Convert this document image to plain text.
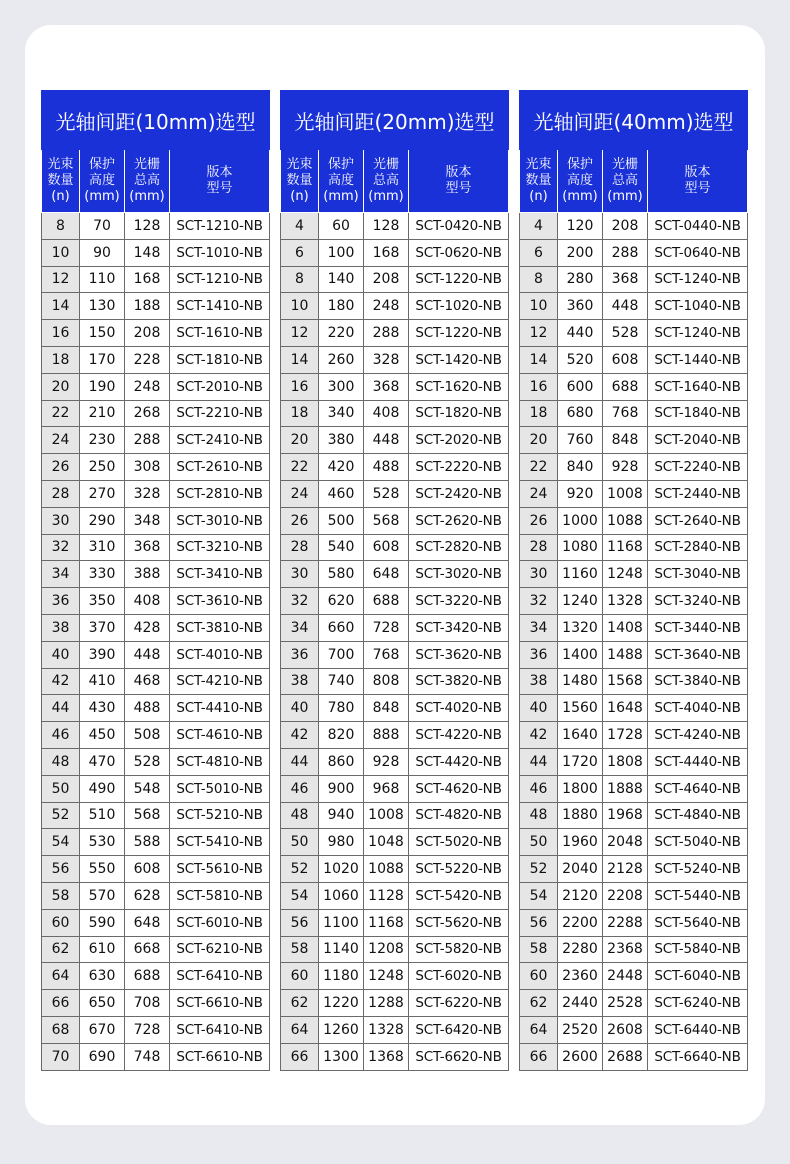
光轴间距(10mm)选型			
光束
数量
(n)	保护
高度
(mm)	光栅
总高
(mm)	版本
型号
8	70	128	SCT-1210-NB
10	90	148	SCT-1010-NB
12	110	168	SCT-1210-NB
14	130	188	SCT-1410-NB
16	150	208	SCT-1610-NB
18	170	228	SCT-1810-NB
20	190	248	SCT-2010-NB
22	210	268	SCT-2210-NB
24	230	288	SCT-2410-NB
26	250	308	SCT-2610-NB
28	270	328	SCT-2810-NB
30	290	348	SCT-3010-NB
32	310	368	SCT-3210-NB
34	330	388	SCT-3410-NB
36	350	408	SCT-3610-NB
38	370	428	SCT-3810-NB
40	390	448	SCT-4010-NB
42	410	468	SCT-4210-NB
44	430	488	SCT-4410-NB
46	450	508	SCT-4610-NB
48	470	528	SCT-4810-NB
50	490	548	SCT-5010-NB
52	510	568	SCT-5210-NB
54	530	588	SCT-5410-NB
56	550	608	SCT-5610-NB
58	570	628	SCT-5810-NB
60	590	648	SCT-6010-NB
62	610	668	SCT-6210-NB
64	630	688	SCT-6410-NB
66	650	708	SCT-6610-NB
68	670	728	SCT-6410-NB
70	690	748	SCT-6610-NB
光轴间距(20mm)选型			
光束
数量
(n)	保护
高度
(mm)	光栅
总高
(mm)	版本
型号
4	60	128	SCT-0420-NB
6	100	168	SCT-0620-NB
8	140	208	SCT-1220-NB
10	180	248	SCT-1020-NB
12	220	288	SCT-1220-NB
14	260	328	SCT-1420-NB
16	300	368	SCT-1620-NB
18	340	408	SCT-1820-NB
20	380	448	SCT-2020-NB
22	420	488	SCT-2220-NB
24	460	528	SCT-2420-NB
26	500	568	SCT-2620-NB
28	540	608	SCT-2820-NB
30	580	648	SCT-3020-NB
32	620	688	SCT-3220-NB
34	660	728	SCT-3420-NB
36	700	768	SCT-3620-NB
38	740	808	SCT-3820-NB
40	780	848	SCT-4020-NB
42	820	888	SCT-4220-NB
44	860	928	SCT-4420-NB
46	900	968	SCT-4620-NB
48	940	1008	SCT-4820-NB
50	980	1048	SCT-5020-NB
52	1020	1088	SCT-5220-NB
54	1060	1128	SCT-5420-NB
56	1100	1168	SCT-5620-NB
58	1140	1208	SCT-5820-NB
60	1180	1248	SCT-6020-NB
62	1220	1288	SCT-6220-NB
64	1260	1328	SCT-6420-NB
66	1300	1368	SCT-6620-NB
光轴间距(40mm)选型			
光束
数量
(n)	保护
高度
(mm)	光栅
总高
(mm)	版本
型号
4	120	208	SCT-0440-NB
6	200	288	SCT-0640-NB
8	280	368	SCT-1240-NB
10	360	448	SCT-1040-NB
12	440	528	SCT-1240-NB
14	520	608	SCT-1440-NB
16	600	688	SCT-1640-NB
18	680	768	SCT-1840-NB
20	760	848	SCT-2040-NB
22	840	928	SCT-2240-NB
24	920	1008	SCT-2440-NB
26	1000	1088	SCT-2640-NB
28	1080	1168	SCT-2840-NB
30	1160	1248	SCT-3040-NB
32	1240	1328	SCT-3240-NB
34	1320	1408	SCT-3440-NB
36	1400	1488	SCT-3640-NB
38	1480	1568	SCT-3840-NB
40	1560	1648	SCT-4040-NB
42	1640	1728	SCT-4240-NB
44	1720	1808	SCT-4440-NB
46	1800	1888	SCT-4640-NB
48	1880	1968	SCT-4840-NB
50	1960	2048	SCT-5040-NB
52	2040	2128	SCT-5240-NB
54	2120	2208	SCT-5440-NB
56	2200	2288	SCT-5640-NB
58	2280	2368	SCT-5840-NB
60	2360	2448	SCT-6040-NB
62	2440	2528	SCT-6240-NB
64	2520	2608	SCT-6440-NB
66	2600	2688	SCT-6640-NB
